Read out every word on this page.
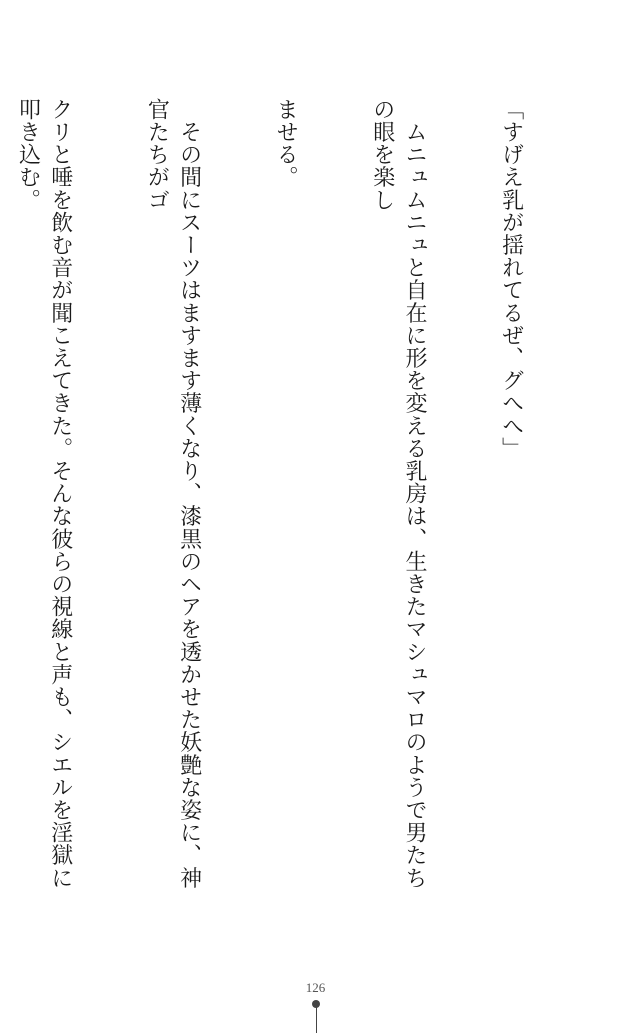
「すげえ乳が揺れてるぜ、グへへ」

　ムニュムニュと自在に形を変える乳房は、生きたマシュマロのようで男たちの眼を楽し

ませる。

　その間にスーツはますます薄くなり、漆黒のヘアを透かせた妖艶な姿に、神官たちがゴ

クリと唾を飲む音が聞こえてきた。そんな彼らの視線と声も、シエルを淫獄に叩き込む。

126
